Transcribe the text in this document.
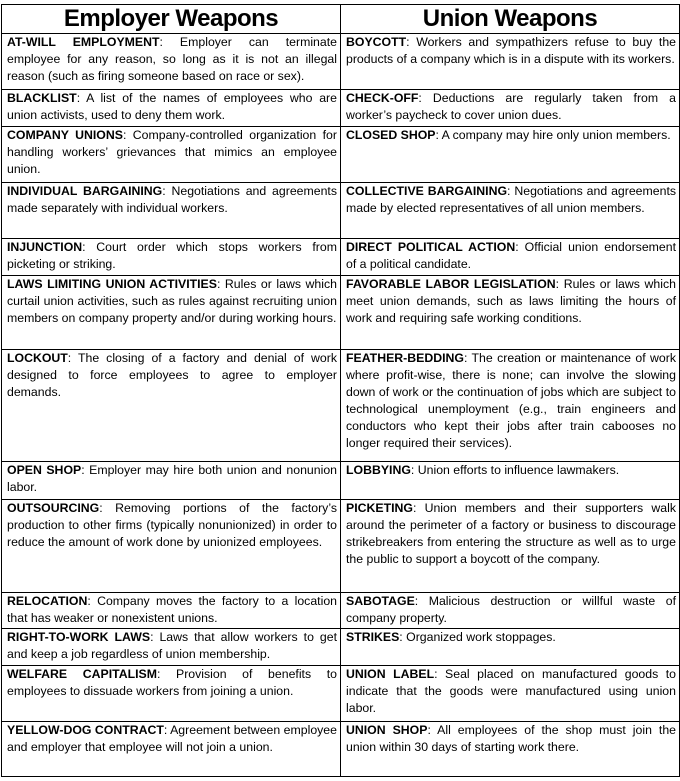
Employer Weapons	Union Weapons
AT-WILL EMPLOYMENT: Employer can terminate employee for any reason, so long as it is not an illegal reason (such as firing someone based on race or sex).	BOYCOTT: Workers and sympathizers refuse to buy the products of a company which is in a dispute with its workers.
BLACKLIST: A list of the names of employees who are union activists, used to deny them work.	CHECK-OFF: Deductions are regularly taken from a worker’s paycheck to cover union dues.
COMPANY UNIONS: Company-controlled organization for handling workers’ grievances that mimics an employee union.	CLOSED SHOP: A company may hire only union members.
INDIVIDUAL BARGAINING: Negotiations and agreements made separately with individual workers.	COLLECTIVE BARGAINING: Negotiations and agreements made by elected representatives of all union members.
INJUNCTION: Court order which stops workers from picketing or striking.	DIRECT POLITICAL ACTION: Official union endorsement of a political candidate.
LAWS LIMITING UNION ACTIVITIES: Rules or laws which curtail union activities, such as rules against recruiting union members on company property and/or during working hours.	FAVORABLE LABOR LEGISLATION: Rules or laws which meet union demands, such as laws limiting the hours of work and requiring safe working conditions.
LOCKOUT: The closing of a factory and denial of work designed to force employees to agree to employer demands.	FEATHER-BEDDING: The creation or maintenance of work where profit-wise, there is none; can involve the slowing down of work or the continuation of jobs which are subject to technological unemployment (e.g., train engineers and conductors who kept their jobs after train cabooses no longer required their services).
OPEN SHOP: Employer may hire both union and nonunion labor.	LOBBYING: Union efforts to influence lawmakers.
OUTSOURCING: Removing portions of the factory’s production to other firms (typically nonunionized) in order to reduce the amount of work done by unionized employees.	PICKETING: Union members and their supporters walk around the perimeter of a factory or business to discourage strikebreakers from entering the structure as well as to urge the public to support a boycott of the company.
RELOCATION: Company moves the factory to a location that has weaker or nonexistent unions.	SABOTAGE: Malicious destruction or willful waste of company property.
RIGHT-TO-WORK LAWS: Laws that allow workers to get and keep a job regardless of union membership.	STRIKES: Organized work stoppages.
WELFARE CAPITALISM: Provision of benefits to employees to dissuade workers from joining a union.	UNION LABEL: Seal placed on manufactured goods to indicate that the goods were manufactured using union labor.
YELLOW-DOG CONTRACT: Agreement between employee and employer that employee will not join a union.	UNION SHOP: All employees of the shop must join the union within 30 days of starting work there.
